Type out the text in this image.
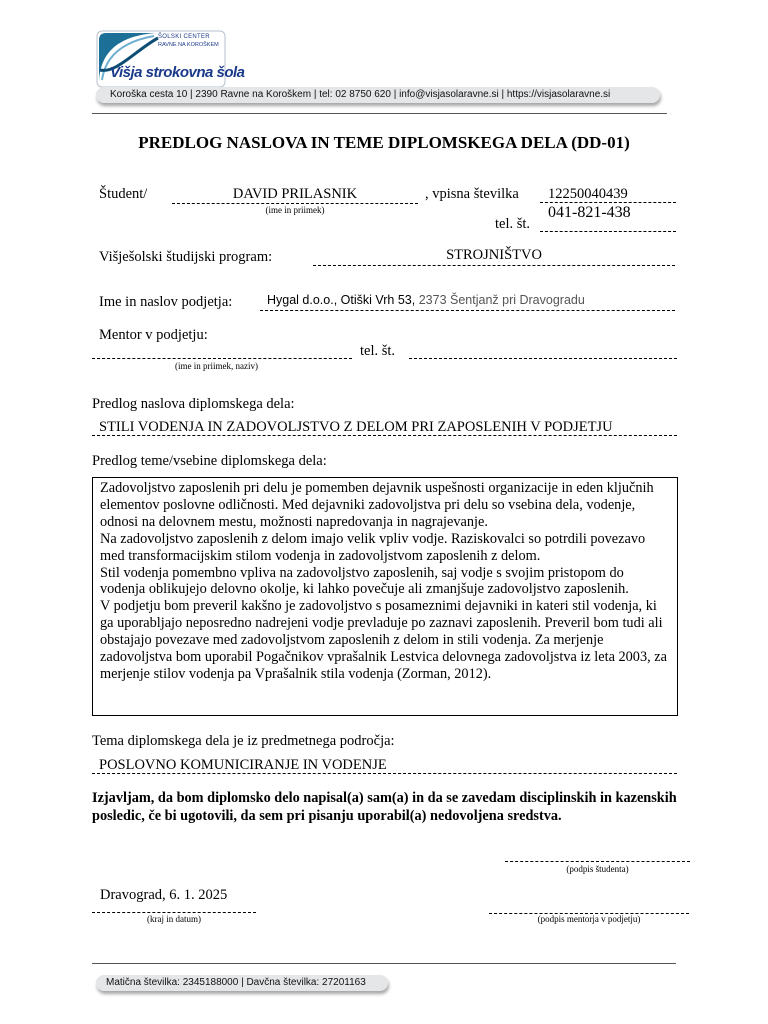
ŠOLSKI CENTER
RAVNE NA KOROŠKEM
Višja strokovna šola
Koroška cesta 10 | 2390 Ravne na Koroškem | tel: 02 8750 620 | info@visjasolaravne.si | https://visjasolaravne.si
PREDLOG NASLOVA IN TEME DIPLOMSKEGA DELA (DD-01)
Študent/	DAVID PRILASNIK
(ime in priimek)
, vpisna številka	12250040439
tel. št.
041-821-438
Višješolski študijski program:	STROJNIŠTVO
Ime in naslov podjetja:	Hygal d.o.o., Otiški Vrh 53, 2373 Šentjanž pri Dravogradu
Mentor v podjetju:
(ime in priimek, naziv)
tel. št.
Predlog naslova diplomskega dela:
STILI VODENJA IN ZADOVOLJSTVO Z DELOM PRI ZAPOSLENIH V PODJETJU
Predlog teme/vsebine diplomskega dela:

Zadovoljstvo zaposlenih pri delu je pomemben dejavnik uspešnosti organizacije in eden ključnih elementov poslovne odličnosti. Med dejavniki zadovoljstva pri delu so vsebina dela, vodenje, odnosi na delovnem mestu, možnosti napredovanja in nagrajevanje.

Na zadovoljstvo zaposlenih z delom imajo velik vpliv vodje. Raziskovalci so potrdili povezavo med transformacijskim stilom vodenja in zadovoljstvom zaposlenih z delom.

Stil vodenja pomembno vpliva na zadovoljstvo zaposlenih, saj vodje s svojim pristopom do vodenja oblikujejo delovno okolje, ki lahko povečuje ali zmanjšuje zadovoljstvo zaposlenih.

V podjetju bom preveril kakšno je zadovoljstvo s posameznimi dejavniki in kateri stil vodenja, ki ga uporabljajo neposredno nadrejeni vodje prevladuje po zaznavi zaposlenih. Preveril bom tudi ali obstajajo povezave med zadovoljstvom zaposlenih z delom in stili vodenja. Za merjenje zadovoljstva bom uporabil Pogačnikov vprašalnik Lestvica delovnega zadovoljstva iz leta 2003, za merjenje stilov vodenja pa Vprašalnik stila vodenja (Zorman, 2012).

Tema diplomskega dela je iz predmetnega področja:
POSLOVNO KOMUNICIRANJE IN VODENJE
Izjavljam, da bom diplomsko delo napisal(a) sam(a) in da se zavedam disciplinskih in kazenskih posledic, če bi ugotovili, da sem pri pisanju uporabil(a) nedovoljena sredstva.
(podpis študenta)
Dravograd, 6. 1. 2025
(kraj in datum)	(podpis mentorja v podjetju)
Matična številka: 2345188000 | Davčna številka: 27201163
